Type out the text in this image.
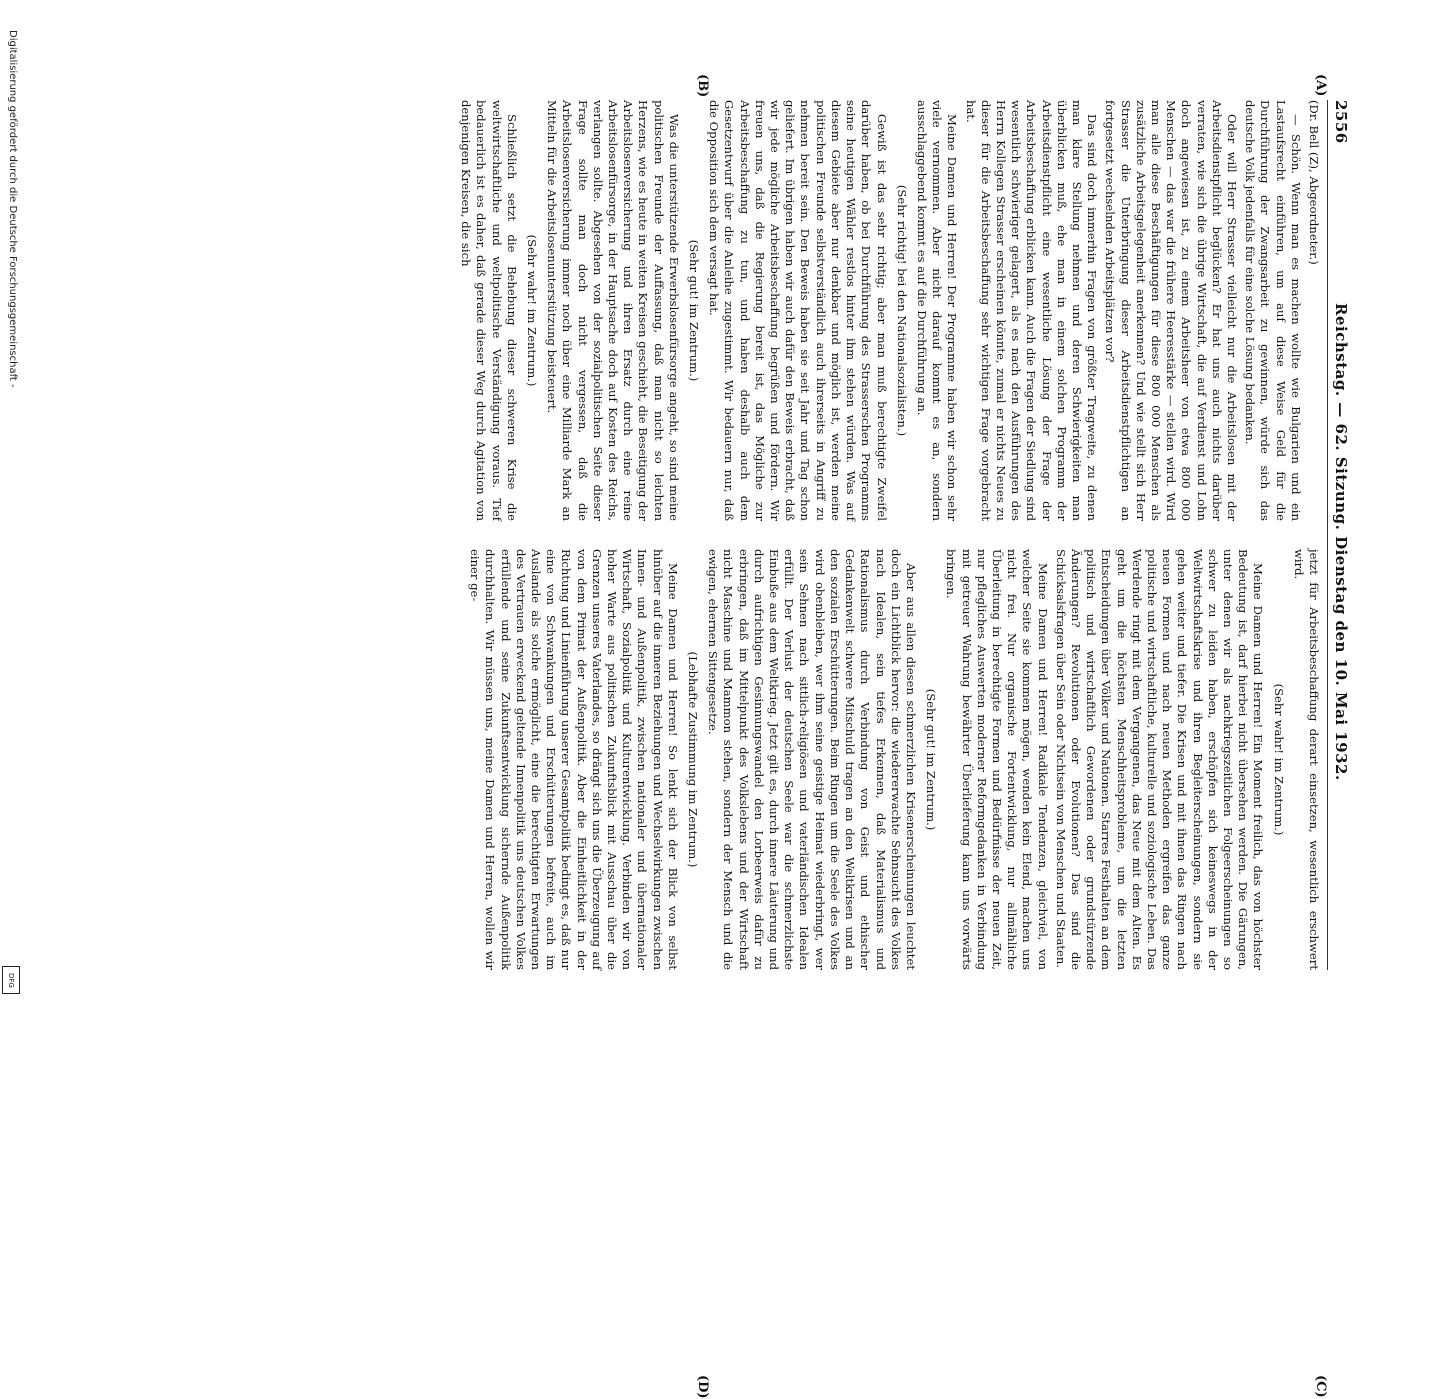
2556
Reichstag. — 62. Sitzung. Dienstag den 10. Mai 1932.

(Dr. Bell (Z), Abgeordneter.)

— Schön. Wenn man es machen wollte wie Bulgarien und ein Lastaufsrecht einführen, um auf diese Weise Geld für die Durchführung der Zwangsarbeit zu gewinnen, würde sich das deutsche Volk jedenfalls für eine solche Lösung bedanken.

Oder will Herr Strasser vielleicht nur die Arbeitslosen mit der Arbeitsdienstpflicht beglücken? Er hat uns auch nichts darüber verraten, wie sich die übrige Wirtschaft, die auf Verdienst und Lohn doch angewiesen ist, zu einem Arbeitsheer von etwa 800 000 Menschen — das war die frühere Heeresstärke — stellen wird. Wird man alle diese Beschäftigungen für diese 800 000 Menschen als zusätzliche Arbeitsgelegenheit anerkennen? Und wie stellt sich Herr Strasser die Unterbringung dieser Arbeitsdienstpflichtigen an fortgesetzt wechselnden Arbeitsplätzen vor?

Das sind doch immerhin Fragen von größter Tragweite, zu denen man klare Stellung nehmen und deren Schwierigkeiten man überblicken muß, ehe man in einem solchen Programm der Arbeitsdienstpflicht eine wesentliche Lösung der Frage der Arbeitsbeschaffung erblicken kann. Auch die Fragen der Siedlung sind wesentlich schwieriger gelagert, als es nach den Ausführungen des Herrn Kollegen Strasser erscheinen könnte, zumal er nichts Neues zu dieser für die Arbeitsbeschaffung sehr wichtigen Frage vorgebracht hat.

Meine Damen und Herren! Der Programme haben wir schon sehr viele vernommen. Aber nicht darauf kommt es an, sondern ausschlaggebend kommt es auf die Durchführung an.

(Sehr richtig! bei den Nationalsozialisten.)

Gewiß ist das sehr richtig; aber man muß berechtigte Zweifel darüber haben, ob bei Durchführung des Strasserschen Programms seine heutigen Wähler restlos hinter ihm stehen würden. Was auf diesem Gebiete aber nur denkbar und möglich ist, werden meine politischen Freunde selbstverständlich auch ihrerseits in Angriff zu nehmen bereit sein. Den Beweis haben sie seit Jahr und Tag schon geliefert. Im übrigen haben wir auch dafür den Beweis erbracht, daß wir jede mögliche Arbeitsbeschaffung begrüßen und fördern. Wir freuen uns, daß die Regierung bereit ist, das Mögliche zur Arbeitsbeschaffung zu tun, und haben deshalb auch dem Gesetzentwurf über die Anleihe zugestimmt. Wir bedauern nur, daß die Opposition sich dem versagt hat.

(Sehr gut! im Zentrum.)

Was die unterstützende Erwerbslosenfürsorge angeht, so sind meine politischen Freunde der Auffassung, daß man nicht so leichten Herzens, wie es heute in weiten Kreisen geschieht, die Beseitigung der Arbeitslosenversicherung und ihren Ersatz durch eine reine Arbeitslosenfürsorge, in der Hauptsache doch auf Kosten des Reichs, verlangen sollte. Abgesehen von der sozialpolitischen Seite dieser Frage sollte man doch nicht vergessen, daß die Arbeitslosenversicherung immer noch über eine Milliarde Mark an Mitteln für die Arbeitslosenunterstützung beisteuert.

(Sehr wahr! im Zentrum.)

Schließlich setzt die Behebung dieser schweren Krise die weltwirtschaftliche und weltpolitische Verständigung voraus. Tief bedauerlich ist es daher, daß gerade dieser Weg durch Agitation von denjenigen Kreisen, die sich

jetzt für Arbeitsbeschaffung derart einsetzen, wesentlich erschwert wird.

(Sehr wahr! im Zentrum.)

Meine Damen und Herren! Ein Moment freilich, das von höchster Bedeutung ist, darf hierbei nicht übersehen werden. Die Gärungen, unter denen wir als nachkriegszeitlichen Folgeerscheinungen so schwer zu leiden haben, erschöpfen sich keineswegs in der Weltwirtschaftskrise und ihren Begleiterscheinungen, sondern sie gehen weiter und tiefer. Die Krisen und mit ihnen das Ringen nach neuen Formen und nach neuen Methoden ergreifen das ganze politische und wirtschaftliche, kulturelle und soziologische Leben. Das Werdende ringt mit dem Vergangenen, das Neue mit dem Alten. Es geht um die höchsten Menschheitsprobleme, um die letzten Entscheidungen über Völker und Nationen. Starres Festhalten an dem politisch und wirtschaftlich Gewordenen oder grundstürzende Änderungen? Revolutionen oder Evolutionen? Das sind die Schicksalsfragen über Sein oder Nichtsein von Menschen und Staaten.

Meine Damen und Herren! Radikale Tendenzen, gleichviel, von welcher Seite sie kommen mögen, wenden kein Elend, machen uns nicht frei. Nur organische Fortentwicklung, nur allmähliche Überleitung in berechtigte Formen und Bedürfnisse der neuen Zeit, nur pflegliches Auswerten moderner Reformgedanken in Verbindung mit getreuer Wahrung bewährter Überlieferung kann uns vorwärts bringen.

(Sehr gut! im Zentrum.)

Aber aus allen diesen schmerzlichen Krisenerscheinungen leuchtet doch ein Lichtblick hervor: die wiedererwachte Sehnsucht des Volkes nach Idealen, sein tiefes Erkennen, daß Materialismus und Rationalismus durch Verbindung von Geist und ethischer Gedankenwelt schwere Mitschuld tragen an den Weltkrisen und an den sozialen Erschütterungen. Beim Ringen um die Seele des Volkes wird obenbleiben, wer ihm seine geistige Heimat wiederbringt, wer sein Sehnen nach sittlich-religiösen und vaterländischen Idealen erfüllt. Der Verlust der deutschen Seele war die schmerzlichste Einbuße aus dem Weltkrieg. Jetzt gilt es, durch innere Läuterung und durch aufrichtigen Gesinnungswandel den Lorbeerweis dafür zu erbringen, daß im Mittelpunkt des Volkslebens und der Wirtschaft nicht Maschine und Mammon stehen, sondern der Mensch und die ewigen, ehernen Sittengesetze.

(Lebhafte Zustimmung im Zentrum.)

Meine Damen und Herren! So lenkt sich der Blick von selbst hinüber auf die inneren Beziehungen und Wechselwirkungen zwischen Innen- und Außenpolitik, zwischen nationaler und übernationaler Wirtschaft, Sozialpolitik und Kulturentwicklung. Verbinden wir von hoher Warte aus politischen Zukunftsblick mit Ausschau über die Grenzen unseres Vaterlandes, so drängt sich uns die Überzeugung auf von dem Primat der Außenpolitik. Aber die Einheitlichkeit in der Richtung und Linienführung unserer Gesamtpolitik bedingt es, daß nur eine von Schwankungen und Erschütterungen befreite, auch im Auslande als solche ermöglicht, eine die berechtigten Erwartungen des Vertrauen erweckend geltende Innenpolitik uns deutschen Volkes erfüllende und seine Zukunftsentwicklung sichernde Außenpolitik durchhalten. Wir müssen uns, meine Damen und Herren, wollen wir einer ge-

(A)
(B)
(C)
(D)
Digitalisierung gefördert durch die Deutsche Forschungsgemeinschaft -
DFG
